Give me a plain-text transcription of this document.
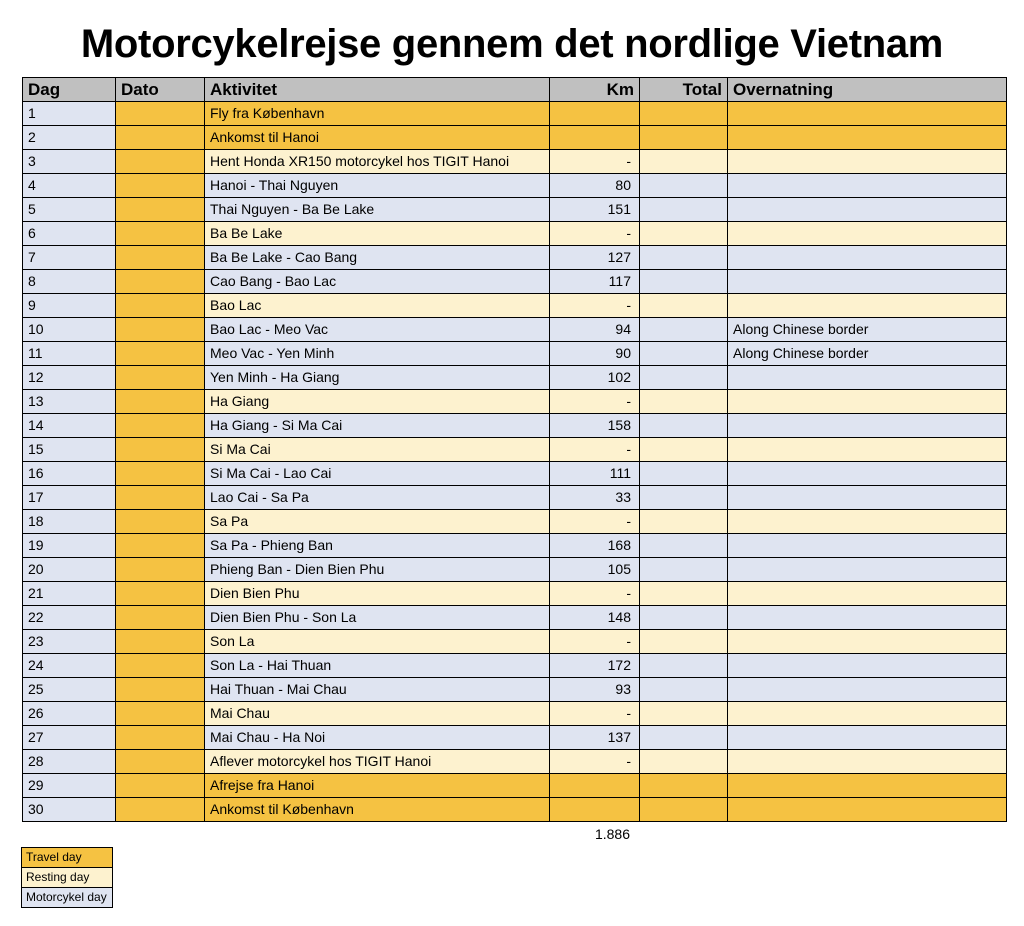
Motorcykelrejse gennem det nordlige Vietnam
Dag	Dato	Aktivitet	Km	Total	Overnatning
1		Fly fra København			
2		Ankomst til Hanoi			
3		Hent Honda XR150 motorcykel hos TIGIT Hanoi	-		
4		Hanoi - Thai Nguyen	80		
5		Thai Nguyen - Ba Be Lake	151		
6		Ba Be Lake	-		
7		Ba Be Lake - Cao Bang	127		
8		Cao Bang - Bao Lac	117		
9		Bao Lac	-		
10		Bao Lac - Meo Vac	94		Along Chinese border
11		Meo Vac - Yen Minh	90		Along Chinese border
12		Yen Minh - Ha Giang	102		
13		Ha Giang	-		
14		Ha Giang - Si Ma Cai	158		
15		Si Ma Cai	-		
16		Si Ma Cai - Lao Cai	111		
17		Lao Cai - Sa Pa	33		
18		Sa Pa	-		
19		Sa Pa - Phieng Ban	168		
20		Phieng Ban - Dien Bien Phu	105		
21		Dien Bien Phu	-		
22		Dien Bien Phu - Son La	148		
23		Son La	-		
24		Son La - Hai Thuan	172		
25		Hai Thuan - Mai Chau	93		
26		Mai Chau	-		
27		Mai Chau - Ha Noi	137		
28		Aflever motorcykel hos TIGIT Hanoi	-		
29		Afrejse fra Hanoi			
30		Ankomst til København			
1.886
Travel day
Resting day
Motorcykel day
